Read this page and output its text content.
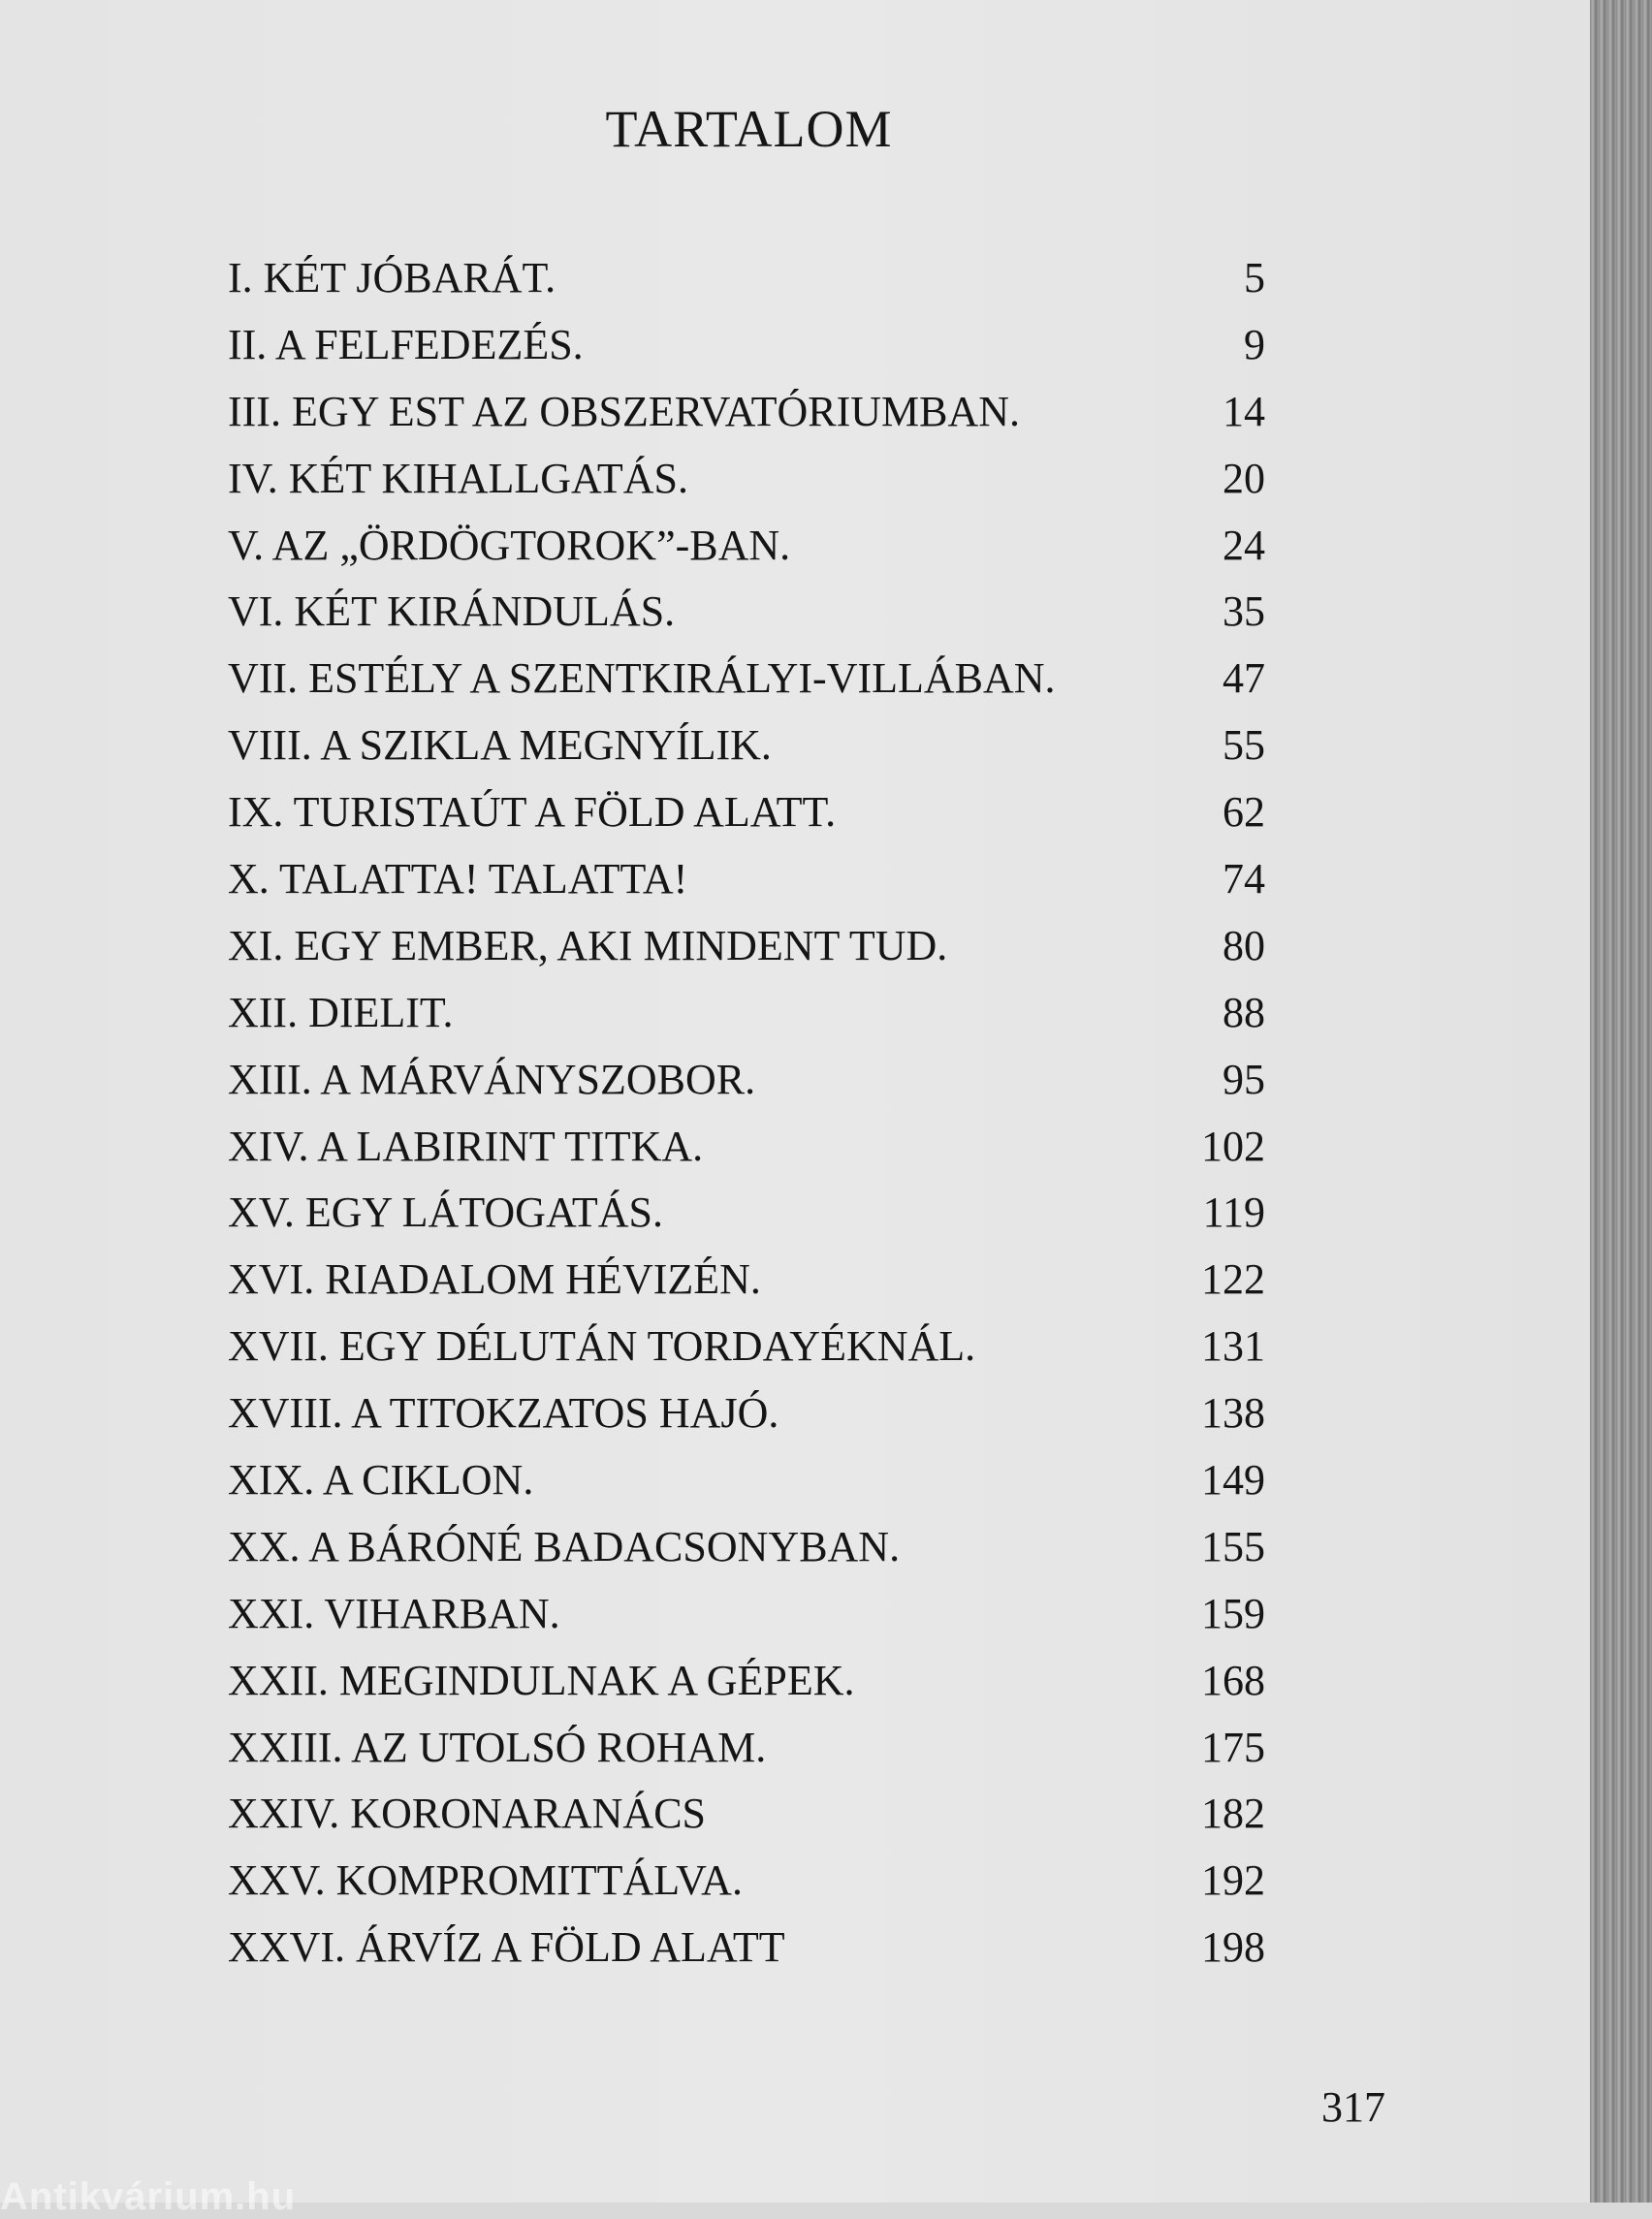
TARTALOM
I. KÉT JÓBARÁT.	5
II. A FELFEDEZÉS.	9
III. EGY EST AZ OBSZERVATÓRIUMBAN.	14
IV. KÉT KIHALLGATÁS.	20
V. AZ „ÖRDÖGTOROK”-BAN.	24
VI. KÉT KIRÁNDULÁS.	35
VII. ESTÉLY A SZENTKIRÁLYI-VILLÁBAN.	47
VIII. A SZIKLA MEGNYÍLIK.	55
IX. TURISTAÚT A FÖLD ALATT.	62
X. TALATTA! TALATTA!	74
XI. EGY EMBER, AKI MINDENT TUD.	80
XII. DIELIT.	88
XIII. A MÁRVÁNYSZOBOR.	95
XIV. A LABIRINT TITKA.	102
XV. EGY LÁTOGATÁS.	119
XVI. RIADALOM HÉVIZÉN.	122
XVII. EGY DÉLUTÁN TORDAYÉKNÁL.	131
XVIII. A TITOKZATOS HAJÓ.	138
XIX. A CIKLON.	149
XX. A BÁRÓNÉ BADACSONYBAN.	155
XXI. VIHARBAN.	159
XXII. MEGINDULNAK A GÉPEK.	168
XXIII. AZ UTOLSÓ ROHAM.	175
XXIV. KORONARANÁCS	182
XXV. KOMPROMITTÁLVA.	192
XXVI. ÁRVÍZ A FÖLD ALATT	198
317
Antikvárium.hu
